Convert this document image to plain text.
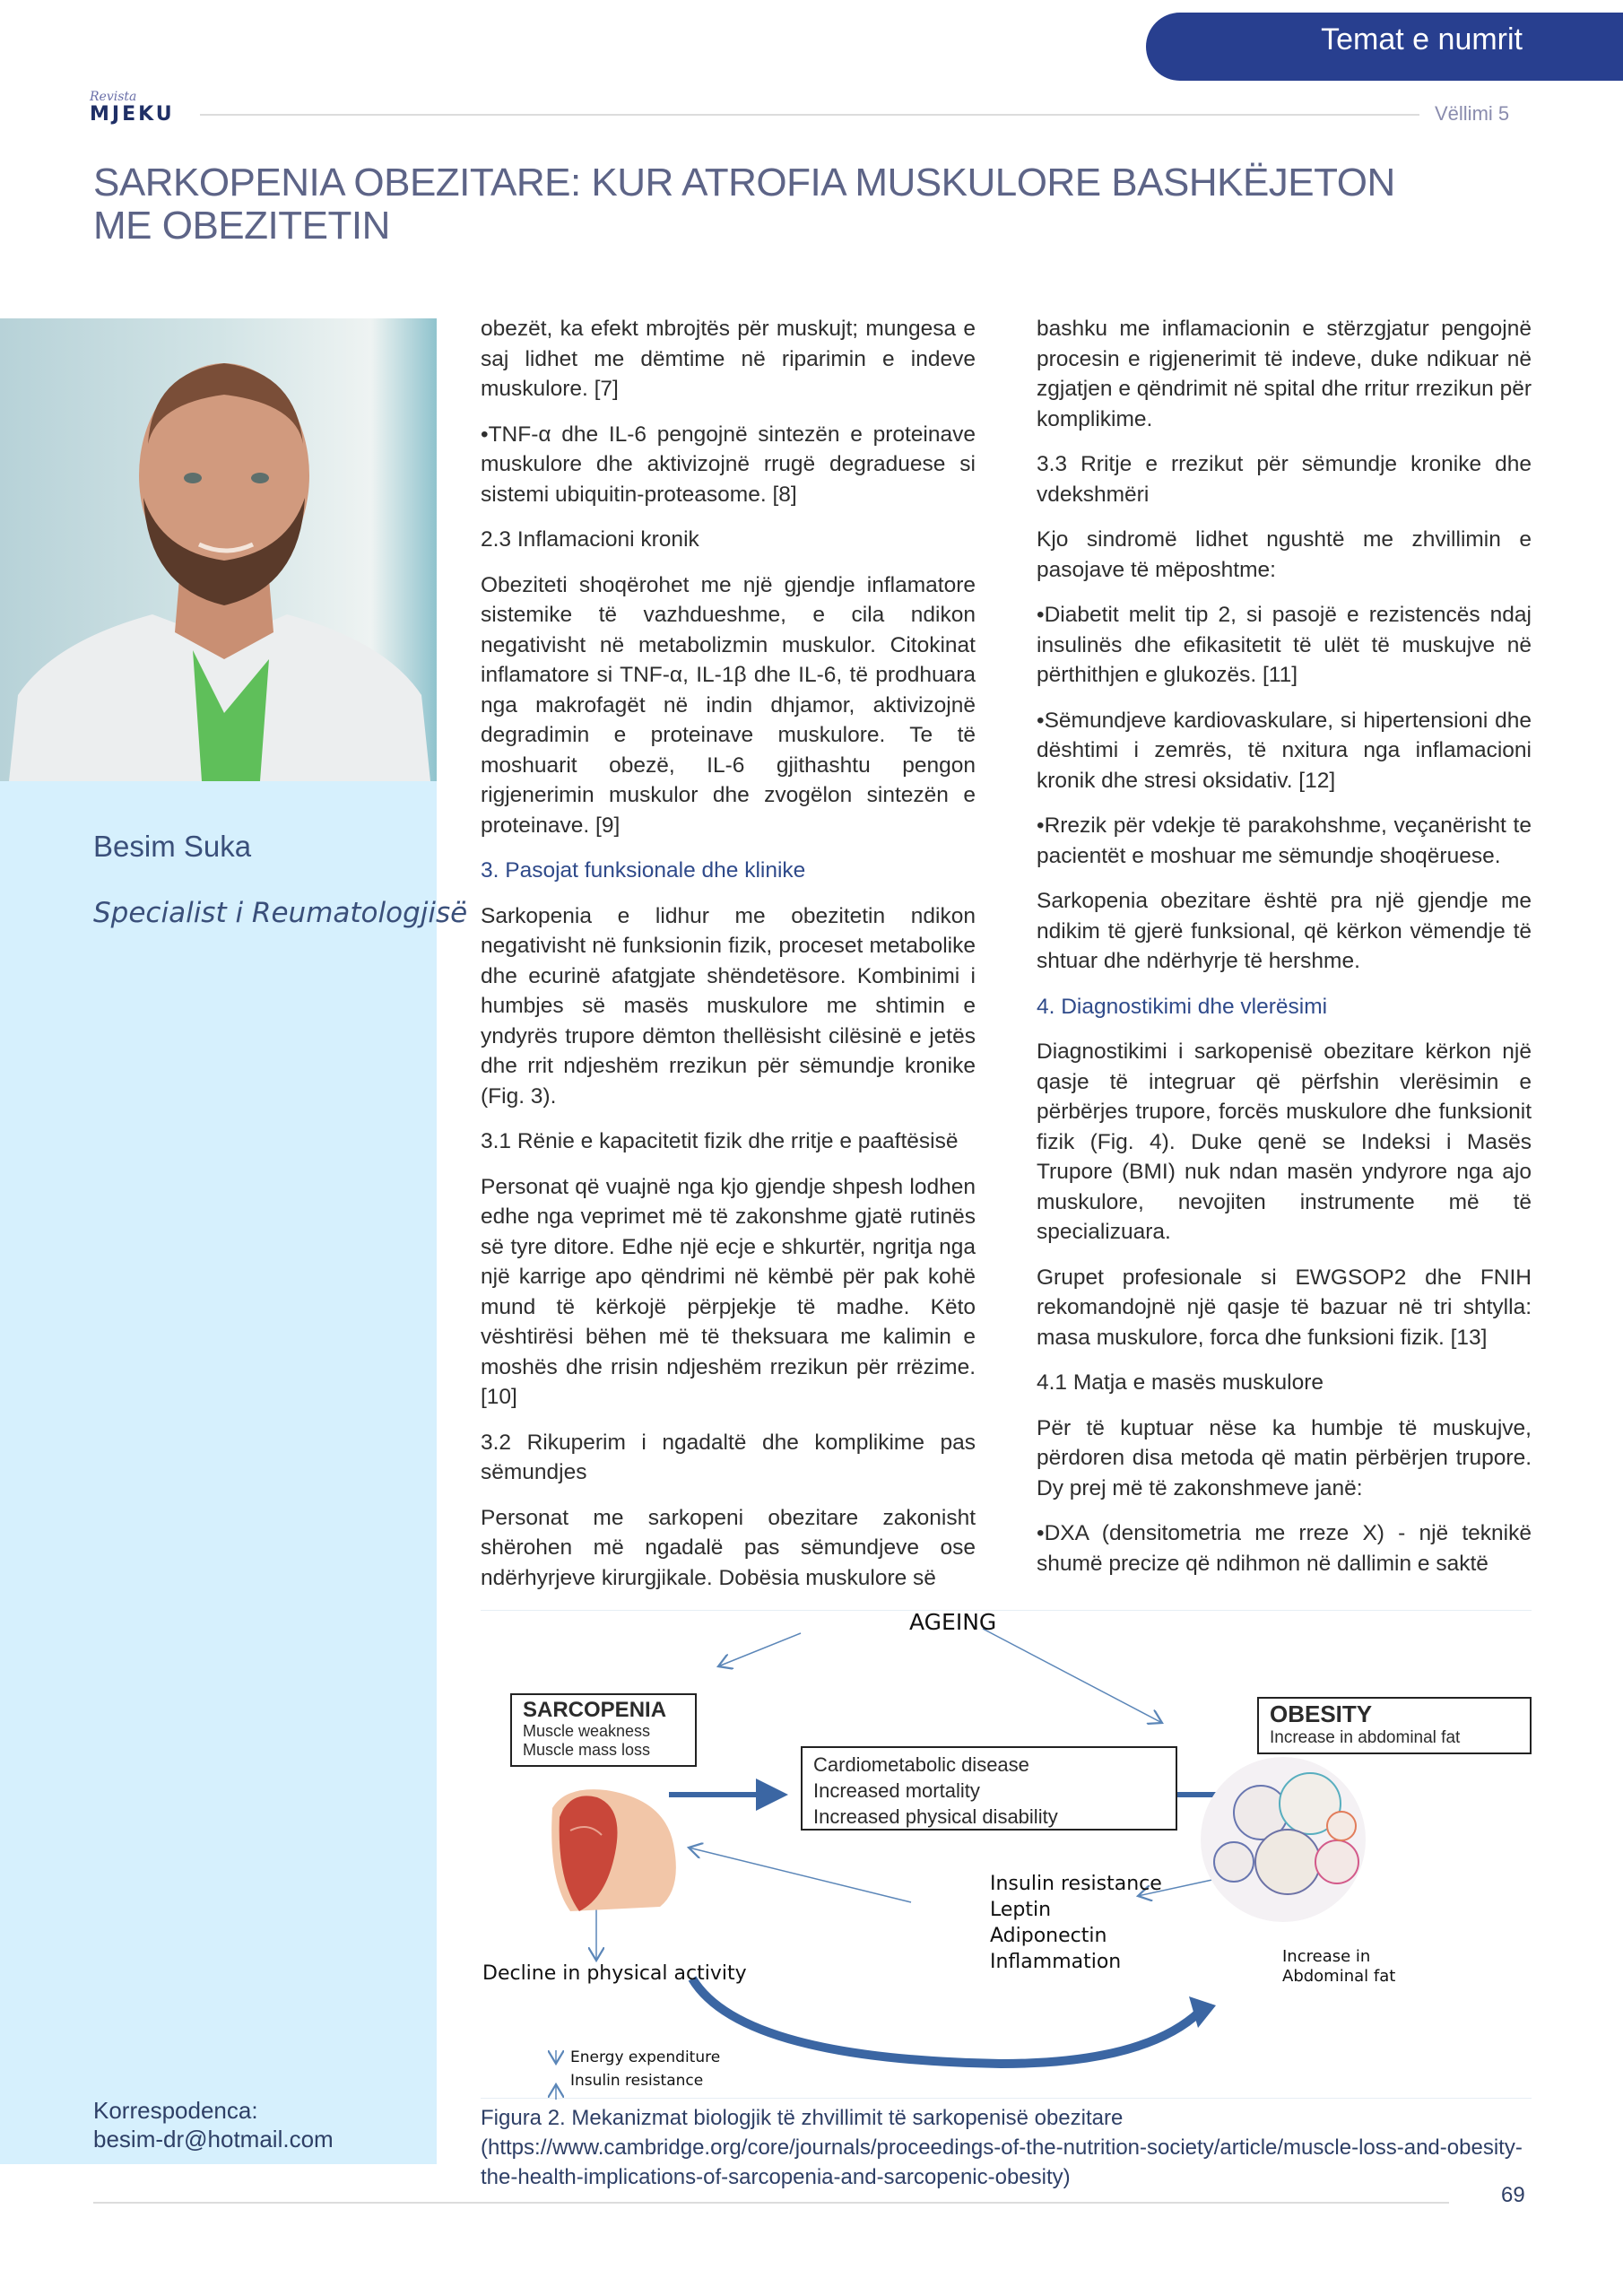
Temat e numrit
Revista
MJEKU	Vëllimi 5
SARKOPENIA OBEZITARE: KUR ATROFIA MUSKULORE BASHKËJETON ME OBEZITETIN
Besim Suka
Specialist i Reumatologjisë
Korrespodenca:
besim-dr@hotmail.com

obezët, ka efekt mbrojtës për muskujt; mungesa e saj lidhet me dëmtime në riparimin e indeve muskulore. [7]

•TNF-α dhe IL-6 pengojnë sintezën e proteinave muskulore dhe aktivizojnë rrugë degraduese si sistemi ubiquitin-proteasome. [8]

2.3 Inflamacioni kronik

Obeziteti shoqërohet me një gjendje inflamatore sistemike të vazhdueshme, e cila ndikon negativisht në metabolizmin muskulor. Citokinat inflamatore si TNF-α, IL-1β dhe IL-6, të prodhuara nga makrofagët në indin dhjamor, aktivizojnë degradimin e proteinave muskulore. Te të moshuarit obezë, IL-6 gjithashtu pengon rigjenerimin muskulor dhe zvogëlon sintezën e proteinave. [9]

3. Pasojat funksionale dhe klinike

Sarkopenia e lidhur me obezitetin ndikon negativisht në funksionin fizik, proceset metabolike dhe ecurinë afatgjate shëndetësore. Kombinimi i humbjes së masës muskulore me shtimin e yndyrës trupore dëmton thellësisht cilësinë e jetës dhe rrit ndjeshëm rrezikun për sëmundje kronike (Fig. 3).

3.1 Rënie e kapacitetit fizik dhe rritje e paaftësisë

Personat që vuajnë nga kjo gjendje shpesh lodhen edhe nga veprimet më të zakonshme gjatë rutinës së tyre ditore. Edhe një ecje e shkurtër, ngritja nga një karrige apo qëndrimi në këmbë për pak kohë mund të kërkojë përpjekje të madhe. Këto vështirësi bëhen më të theksuara me kalimin e moshës dhe rrisin ndjeshëm rrezikun për rrëzime. [10]

3.2 Rikuperim i ngadaltë dhe komplikime pas sëmundjes

Personat me sarkopeni obezitare zakonisht shërohen më ngadalë pas sëmundjeve ose ndërhyrjeve kirurgjikale. Dobësia muskulore së

bashku me inflamacionin e stërzgjatur pengojnë procesin e rigjenerimit të indeve, duke ndikuar në zgjatjen e qëndrimit në spital dhe rritur rrezikun për komplikime.

3.3 Rritje e rrezikut për sëmundje kronike dhe vdekshmëri

Kjo sindromë lidhet ngushtë me zhvillimin e pasojave të mëposhtme:

•Diabetit melit tip 2, si pasojë e rezistencës ndaj insulinës dhe efikasitetit të ulët të muskujve në përthithjen e glukozës. [11]

•Sëmundjeve kardiovaskulare, si hipertensioni dhe dështimi i zemrës, të nxitura nga inflamacioni kronik dhe stresi oksidativ. [12]

•Rrezik për vdekje të parakohshme, veçanërisht te pacientët e moshuar me sëmundje shoqëruese.

Sarkopenia obezitare është pra një gjendje me ndikim të gjerë funksional, që kërkon vëmendje të shtuar dhe ndërhyrje të hershme.

4. Diagnostikimi dhe vlerësimi

Diagnostikimi i sarkopenisë obezitare kërkon një qasje të integruar që përfshin vlerësimin e përbërjes trupore, forcës muskulore dhe funksionit fizik (Fig. 4). Duke qenë se Indeksi i Masës Trupore (BMI) nuk ndan masën yndyrore nga ajo muskulore, nevojiten instrumente më të specializuara.

Grupet profesionale si EWGSOP2 dhe FNIH rekomandojnë një qasje të bazuar në tri shtylla: masa muskulore, forca dhe funksioni fizik. [13]

4.1 Matja e masës muskulore

Për të kuptuar nëse ka humbje të muskujve, përdoren disa metoda që matin përbërjen trupore. Dy prej më të zakonshmeve janë:

•DXA (densitometria me rreze X) - një teknikë shumë precize që ndihmon në dallimin e saktë

AGEING
SARCOPENIA
Muscle weakness
Muscle mass loss
Cardiometabolic disease
Increased mortality
Increased physical disability
OBESITY
Increase in abdominal fat
Insulin resistance
Leptin
Adiponectin
Inflammation
Decline in physical activity
Energy expenditure
Insulin resistance
Increase in
Abdominal fat
Figura 2. Mekanizmat biologjik të zhvillimit të sarkopenisë obezitare (https://www.cambridge.org/core/journals/proceedings-of-the-nutrition-society/article/muscle-loss-and-obesity-the-health-implications-of-sarcopenia-and-sarcopenic-obesity)
69
